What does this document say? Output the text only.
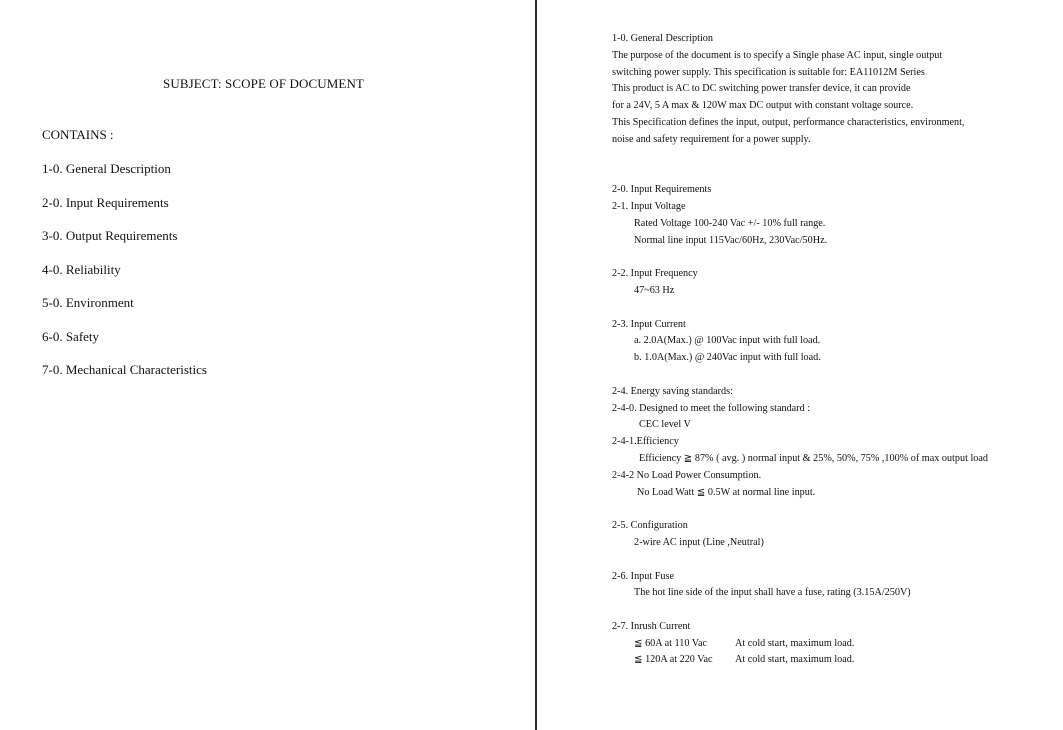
SUBJECT: SCOPE OF DOCUMENT
CONTAINS :
1-0. General Description
2-0. Input Requirements
3-0. Output Requirements
4-0. Reliability
5-0. Environment
6-0. Safety
7-0. Mechanical Characteristics
1-0. General Description
The purpose of the document is to specify a Single phase AC input, single output
switching power supply. This specification is suitable for: EA11012M Series
This product is AC to DC switching power transfer device, it can provide
for a 24V, 5 A max & 120W max DC output with constant voltage source.
This Specification defines the input, output, performance characteristics, environment,
noise and safety requirement for a power supply.
2-0. Input Requirements
2-1. Input Voltage
Rated Voltage 100-240 Vac +/- 10% full range.
Normal line input 115Vac/60Hz, 230Vac/50Hz.
2-2. Input Frequency
47~63 Hz
2-3. Input Current
a. 2.0A(Max.) @ 100Vac input with full load.
b. 1.0A(Max.) @ 240Vac input with full load.
2-4. Energy saving standards:
2-4-0. Designed to meet the following standard :
CEC level V
2-4-1.Efficiency
Efficiency ≧ 87% ( avg. ) normal input & 25%, 50%, 75% ,100% of max output load
2-4-2 No Load Power Consumption.
No Load Watt ≦ 0.5W at normal line input.
2-5. Configuration
2-wire AC input (Line ,Neutral)
2-6. Input Fuse
The hot line side of the input shall have a fuse, rating (3.15A/250V)
2-7. Inrush Current
≦ 60A at 110 Vac	At cold start, maximum load.
≦ 120A at 220 Vac At cold start, maximum load.
